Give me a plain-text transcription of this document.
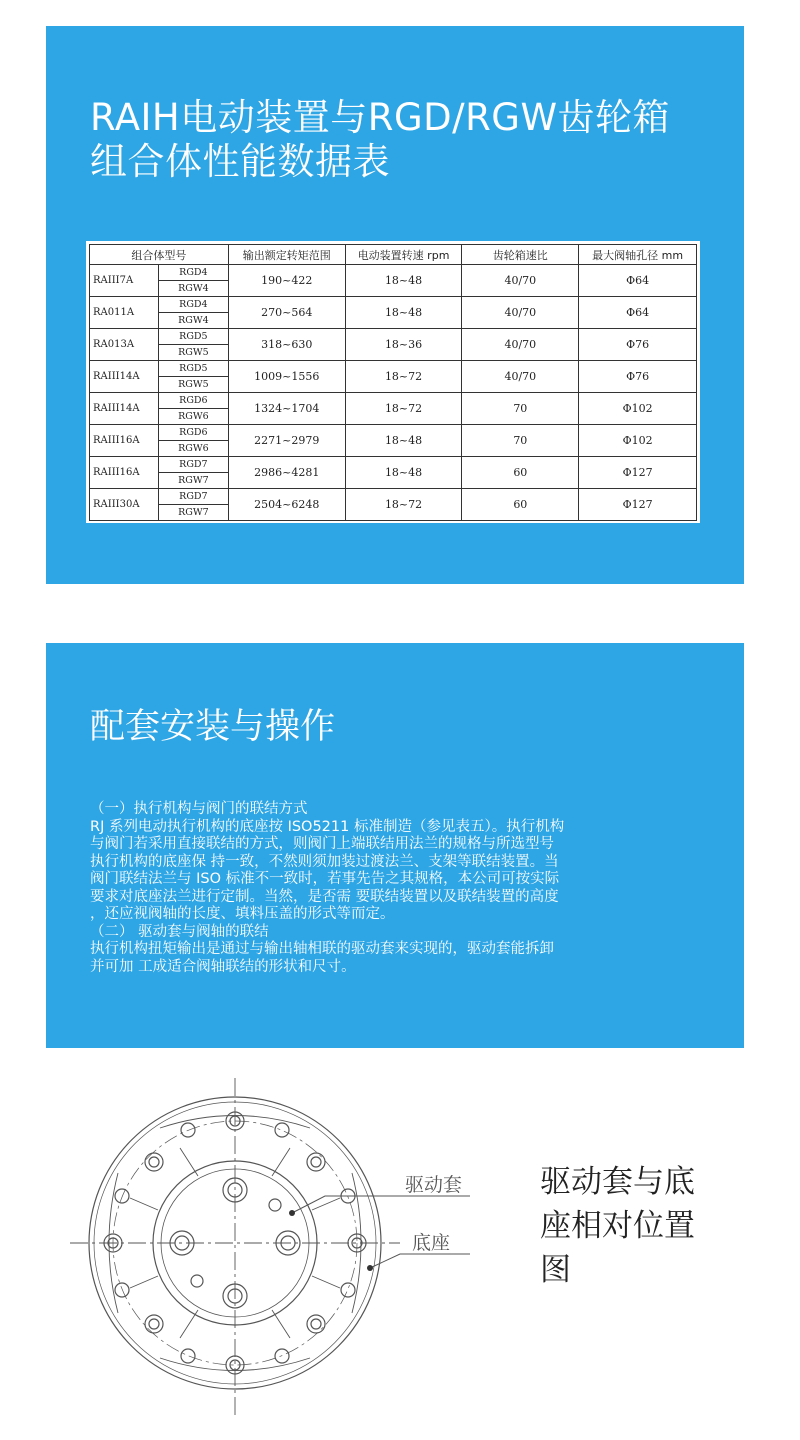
RAIH电动装置与RGD/RGW齿轮箱
组合体性能数据表
组合体型号		输出额定转矩范围	电动装置转速 rpm	齿轮箱速比	最大阀轴孔径 mm
RAIII7A	RGD4	190~422	18~48	40/70	Φ64
	RGW4				
RA011A	RGD4	270~564	18~48	40/70	Φ64
	RGW4				
RA013A	RGD5	318~630	18~36	40/70	Φ76
	RGW5				
RAIII14A	RGD5	1009~1556	18~72	40/70	Φ76
	RGW5				
RAIII14A	RGD6	1324~1704	18~72	70	Φ102
	RGW6				
RAIII16A	RGD6	2271~2979	18~48	70	Φ102
	RGW6				
RAIII16A	RGD7	2986~4281	18~48	60	Φ127
	RGW7				
RAIII30A	RGD7	2504~6248	18~72	60	Φ127
	RGW7				
配套安装与操作

（一）执行机构与阀门的联结方式

RJ 系列电动执行机构的底座按 ISO5211 标准制造（参见表五）。执行机构

与阀门若采用直接联结的方式，则阀门上端联结用法兰的规格与所选型号

执行机构的底座保 持一致，不然则须加装过渡法兰、支架等联结装置。当

阀门联结法兰与 ISO 标准不一致时，若事先告之其规格，本公司可按实际

要求对底座法兰进行定制。当然，是否需 要联结装置以及联结装置的高度

，还应视阀轴的长度、填料压盖的形式等而定。

（二） 驱动套与阀轴的联结

执行机构扭矩输出是通过与输出轴相联的驱动套来实现的，驱动套能拆卸

并可加 工成适合阀轴联结的形状和尺寸。

驱动套
底座
驱动套与底
座相对位置
图
